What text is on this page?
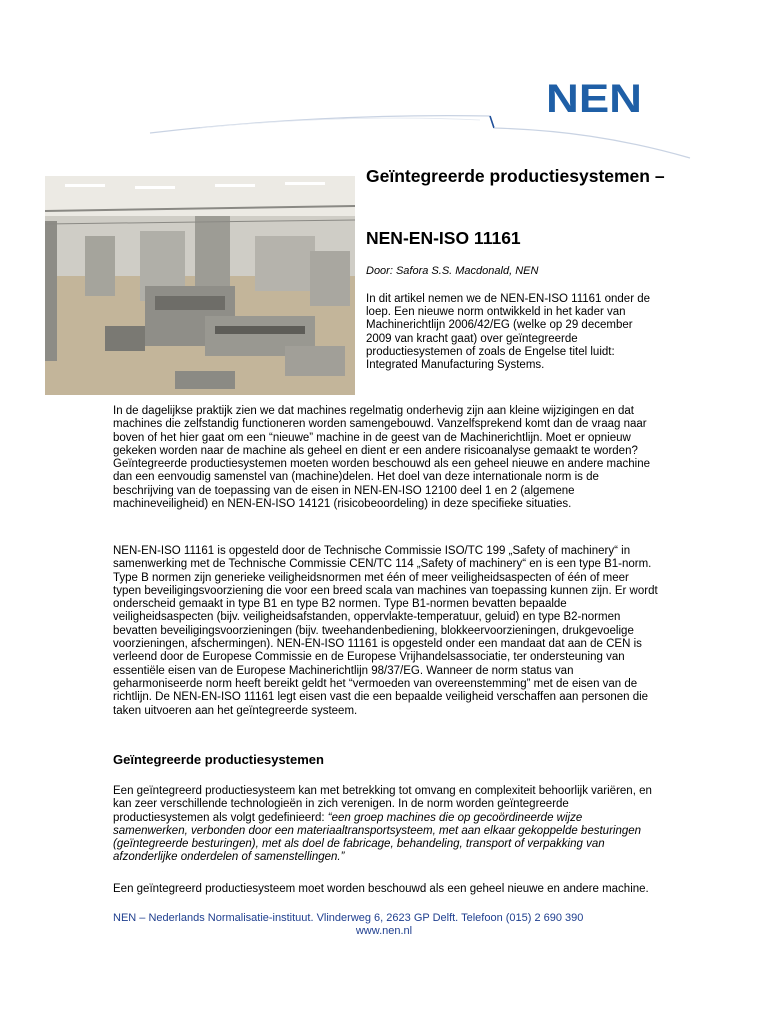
NEN
Geïntegreerde productiesystemen –
NEN-EN-ISO 11161
Door: Safora S.S. Macdonald, NEN

In dit artikel nemen we de NEN-EN-ISO 11161 onder de loep. Een nieuwe norm ontwikkeld in het kader van Machinerichtlijn 2006/42/EG (welke op 29 december 2009 van kracht gaat) over geïntegreerde productiesystemen of zoals de Engelse titel luidt: Integrated Manufacturing Systems.

In de dagelijkse praktijk zien we dat machines regelmatig onderhevig zijn aan kleine wijzigingen en dat machines die zelfstandig functioneren worden samengebouwd. Vanzelfsprekend komt dan de vraag naar boven of het hier gaat om een “nieuwe” machine in de geest van de Machinerichtlijn. Moet er opnieuw gekeken worden naar de machine als geheel en dient er een andere risicoanalyse gemaakt te worden? Geïntegreerde productiesystemen moeten worden beschouwd als een geheel nieuwe en andere machine dan een eenvoudig samenstel van (machine)delen. Het doel van deze internationale norm is de beschrijving van de toepassing van de eisen in NEN-EN-ISO 12100 deel 1 en 2 (algemene machineveiligheid) en NEN-EN-ISO 14121 (risicobeoordeling) in deze specifieke situaties.

NEN-EN-ISO 11161 is opgesteld door de Technische Commissie ISO/TC 199 „Safety of machinery“ in samenwerking met de Technische Commissie CEN/TC 114 „Safety of machinery“ en is een type B1-norm. Type B normen zijn generieke veiligheidsnormen met één of meer veiligheidsaspecten of één of meer typen beveiligingsvoorziening die voor een breed scala van machines van toepassing kunnen zijn. Er wordt onderscheid gemaakt in type B1 en type B2 normen. Type B1-normen bevatten bepaalde veiligheidsaspecten (bijv. veiligheidsafstanden, oppervlakte-temperatuur, geluid) en type B2-normen bevatten beveiligingsvoorzieningen (bijv. tweehandenbediening, blokkeervoorzieningen, drukgevoelige voorzieningen, afschermingen). NEN-EN-ISO 11161 is opgesteld onder een mandaat dat aan de CEN is verleend door de Europese Commissie en de Europese Vrijhandelsassociatie, ter ondersteuning van essentiële eisen van de Europese Machinerichtlijn 98/37/EG. Wanneer de norm status van geharmoniseerde norm heeft bereikt geldt het “vermoeden van overeenstemming” met de eisen van de richtlijn. De NEN-EN-ISO 11161 legt eisen vast die een bepaalde veiligheid verschaffen aan personen die taken uitvoeren aan het geïntegreerde systeem.

Geïntegreerde productiesystemen

Een geïntegreerd productiesysteem kan met betrekking tot omvang en complexiteit behoorlijk variëren, en kan zeer verschillende technologieën in zich verenigen. In de norm worden geïntegreerde productiesystemen als volgt gedefinieerd: “een groep machines die op gecoördineerde wijze samenwerken, verbonden door een materiaaltransportsysteem, met aan elkaar gekoppelde besturingen (geïntegreerde besturingen), met als doel de fabricage, behandeling, transport of verpakking van afzonderlijke onderdelen of samenstellingen.”

Een geïntegreerd productiesysteem moet worden beschouwd als een geheel nieuwe en andere machine.

NEN – Nederlands Normalisatie-instituut. Vlinderweg 6, 2623 GP Delft. Telefoon (015) 2 690 390
www.nen.nl
